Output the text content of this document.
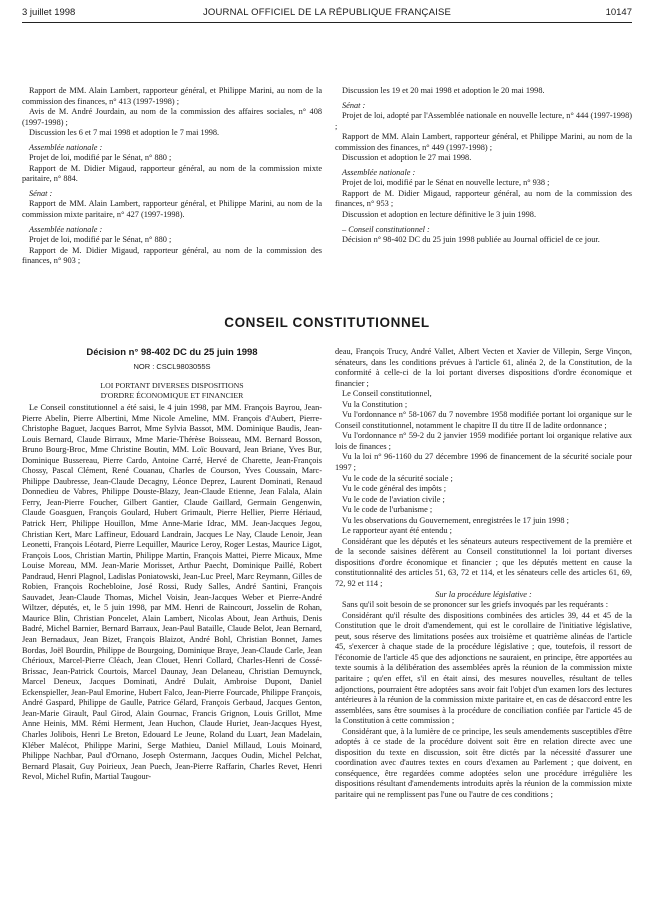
3 juillet 1998	JOURNAL OFFICIEL DE LA RÉPUBLIQUE FRANÇAISE	10147

Rapport de MM. Alain Lambert, rapporteur général, et Philippe Marini, au nom de la commission des finances, n° 413 (1997-1998) ;

Avis de M. André Jourdain, au nom de la commission des affaires sociales, n° 408 (1997-1998) ;

Discussion les 6 et 7 mai 1998 et adoption le 7 mai 1998.

Assemblée nationale :

Projet de loi, modifié par le Sénat, n° 880 ;

Rapport de M. Didier Migaud, rapporteur général, au nom de la commission mixte paritaire, n° 884.

Sénat :

Rapport de MM. Alain Lambert, rapporteur général, et Philippe Marini, au nom de la commission mixte paritaire, n° 427 (1997-1998).

Assemblée nationale :

Projet de loi, modifié par le Sénat, n° 880 ;

Rapport de M. Didier Migaud, rapporteur général, au nom de la commission des finances, n° 903 ;

Discussion les 19 et 20 mai 1998 et adoption le 20 mai 1998.

Sénat :

Projet de loi, adopté par l'Assemblée nationale en nouvelle lecture, n° 444 (1997-1998) ;

Rapport de MM. Alain Lambert, rapporteur général, et Philippe Marini, au nom de la commission des finances, n° 449 (1997-1998) ;

Discussion et adoption le 27 mai 1998.

Assemblée nationale :

Projet de loi, modifié par le Sénat en nouvelle lecture, n° 938 ;

Rapport de M. Didier Migaud, rapporteur général, au nom de la commission des finances, n° 953 ;

Discussion et adoption en lecture définitive le 3 juin 1998.

– Conseil constitutionnel :

Décision n° 98-402 DC du 25 juin 1998 publiée au Journal officiel de ce jour.

CONSEIL CONSTITUTIONNEL
Décision n° 98-402 DC du 25 juin 1998
NOR : CSCL9803055S
LOI PORTANT DIVERSES DISPOSITIONS
D'ORDRE ÉCONOMIQUE ET FINANCIER

Le Conseil constitutionnel a été saisi, le 4 juin 1998, par MM. François Bayrou, Jean-Pierre Abelin, Pierre Albertini, Mme Nicole Ameline, MM. François d'Aubert, Pierre-Christophe Baguet, Jacques Barrot, Mme Sylvia Bassot, MM. Dominique Baudis, Jean-Louis Bernard, Claude Birraux, Mme Marie-Thérèse Boisseau, MM. Bernard Bosson, Bruno Bourg-Broc, Mme Christine Boutin, MM. Loïc Bouvard, Jean Briane, Yves Bur, Dominique Bussereau, Pierre Cardo, Antoine Carré, Hervé de Charette, Jean-François Chossy, Pascal Clément, René Couanau, Charles de Courson, Yves Coussain, Marc-Philippe Daubresse, Jean-Claude Decagny, Léonce Deprez, Laurent Dominati, Renaud Donnedieu de Vabres, Philippe Douste-Blazy, Jean-Claude Etienne, Jean Falala, Alain Ferry, Jean-Pierre Foucher, Gilbert Gantier, Claude Gaillard, Germain Gengenwin, Claude Goasguen, François Goulard, Hubert Grimault, Pierre Hellier, Pierre Hériaud, Patrick Herr, Philippe Houillon, Mme Anne-Marie Idrac, MM. Jean-Jacques Jegou, Christian Kert, Marc Laffineur, Edouard Landrain, Jacques Le Nay, Claude Lenoir, Jean Leonetti, François Léotard, Pierre Lequiller, Maurice Leroy, Roger Lestas, Maurice Ligot, François Loos, Christian Martin, Philippe Martin, François Mattei, Pierre Micaux, Mme Louise Moreau, MM. Jean-Marie Morisset, Arthur Paecht, Dominique Paillé, Robert Pandraud, Henri Plagnol, Ladislas Poniatowski, Jean-Luc Preel, Marc Reymann, Gilles de Robien, François Rochebloine, José Rossi, Rudy Salles, André Santini, François Sauvadet, Jean-Claude Thomas, Michel Voisin, Jean-Jacques Weber et Pierre-André Wiltzer, députés, et, le 5 juin 1998, par MM. Henri de Raincourt, Josselin de Rohan, Maurice Blin, Christian Poncelet, Alain Lambert, Nicolas About, Jean Arthuis, Denis Badré, Michel Barnier, Bernard Barraux, Jean-Paul Bataille, Claude Belot, Jean Bernard, Jean Bernadaux, Jean Bizet, François Blaizot, André Bohl, Christian Bonnet, James Bordas, Joël Bourdin, Philippe de Bourgoing, Dominique Braye, Jean-Claude Carle, Jean Chérioux, Marcel-Pierre Cléach, Jean Clouet, Henri Collard, Charles-Henri de Cossé-Brissac, Jean-Patrick Courtois, Marcel Daunay, Jean Delaneau, Christian Demuynck, Marcel Deneux, Jacques Dominati, André Dulait, Ambroise Dupont, Daniel Eckenspieller, Jean-Paul Emorine, Hubert Falco, Jean-Pierre Fourcade, Philippe François, André Gaspard, Philippe de Gaulle, Patrice Gélard, François Gerbaud, Jacques Genton, Jean-Marie Girault, Paul Girod, Alain Gournac, Francis Grignon, Louis Grillot, Mme Anne Heinis, MM. Rémi Herment, Jean Huchon, Claude Huriet, Jean-Jacques Hyest, Charles Jolibois, Henri Le Breton, Edouard Le Jeune, Roland du Luart, Jean Madelain, Kléber Malécot, Philippe Marini, Serge Mathieu, Daniel Millaud, Louis Moinard, Philippe Nachbar, Paul d'Ornano, Joseph Ostermann, Jacques Oudin, Michel Pelchat, Bernard Plasait, Guy Poirieux, Jean Puech, Jean-Pierre Raffarin, Charles Revet, Henri Revol, Michel Rufin, Martial Taugour-

deau, François Trucy, André Vallet, Albert Vecten et Xavier de Villepin, Serge Vinçon, sénateurs, dans les conditions prévues à l'article 61, alinéa 2, de la Constitution, de la conformité à celle-ci de la loi portant diverses dispositions d'ordre économique et financier ;

Le Conseil constitutionnel,

Vu la Constitution ;

Vu l'ordonnance n° 58-1067 du 7 novembre 1958 modifiée portant loi organique sur le Conseil constitutionnel, notamment le chapitre II du titre II de ladite ordonnance ;

Vu l'ordonnance n° 59-2 du 2 janvier 1959 modifiée portant loi organique relative aux lois de finances ;

Vu la loi n° 96-1160 du 27 décembre 1996 de financement de la sécurité sociale pour 1997 ;

Vu le code de la sécurité sociale ;

Vu le code général des impôts ;

Vu le code de l'aviation civile ;

Vu le code de l'urbanisme ;

Vu les observations du Gouvernement, enregistrées le 17 juin 1998 ;

Le rapporteur ayant été entendu ;

Considérant que les députés et les sénateurs auteurs respectivement de la première et de la seconde saisines défèrent au Conseil constitutionnel la loi portant diverses dispositions d'ordre économique et financier ; que les députés mettent en cause la constitutionnalité des articles 51, 63, 72 et 114, et les sénateurs celle des articles 61, 69, 72, 92 et 114 ;

Sur la procédure législative :

Sans qu'il soit besoin de se prononcer sur les griefs invoqués par les requérants :

Considérant qu'il résulte des dispositions combinées des articles 39, 44 et 45 de la Constitution que le droit d'amendement, qui est le corollaire de l'initiative législative, peut, sous réserve des limitations posées aux troisième et quatrième alinéas de l'article 45, s'exercer à chaque stade de la procédure législative ; que, toutefois, il ressort de l'économie de l'article 45 que des adjonctions ne sauraient, en principe, être apportées au texte soumis à la délibération des assemblées après la réunion de la commission mixte paritaire ; qu'en effet, s'il en était ainsi, des mesures nouvelles, résultant de telles adjonctions, pourraient être adoptées sans avoir fait l'objet d'un examen lors des lectures antérieures à la réunion de la commission mixte paritaire et, en cas de désaccord entre les assemblées, sans être soumises à la procédure de conciliation confiée par l'article 45 de la Constitution à cette commission ;

Considérant que, à la lumière de ce principe, les seuls amendements susceptibles d'être adoptés à ce stade de la procédure doivent soit être en relation directe avec une disposition du texte en discussion, soit être dictés par la nécessité d'assurer une coordination avec d'autres textes en cours d'examen au Parlement ; que doivent, en conséquence, être regardées comme adoptées selon une procédure irrégulière les dispositions résultant d'amendements introduits après la réunion de la commission mixte paritaire qui ne remplissent pas l'une ou l'autre de ces conditions ;
